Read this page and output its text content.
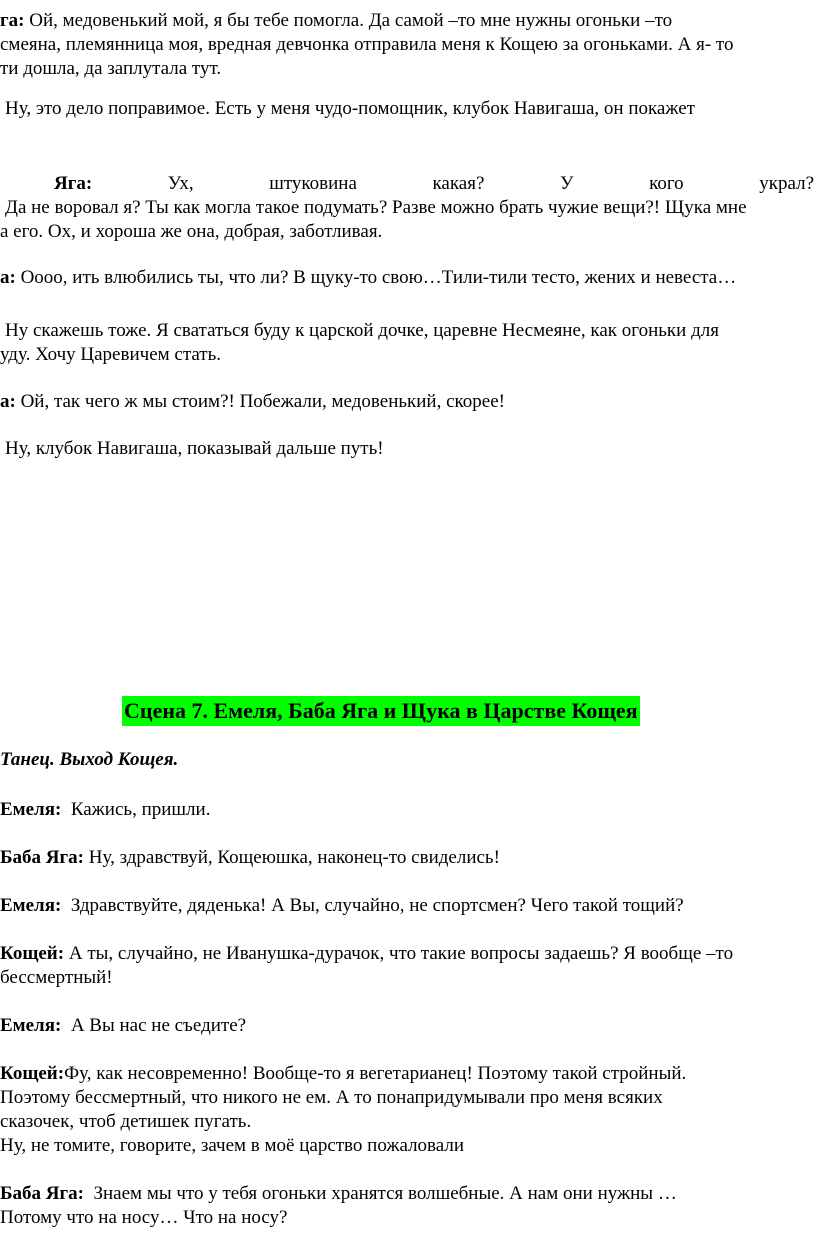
га: Ой, медовенький мой, я бы тебе помогла. Да самой –то мне нужны огоньки –то
смеяна, племянница моя, вредная девчонка отправила меня к Кощею за огоньками. А я- то
ти дошла, да заплутала тут.
Ну, это дело поправимое. Есть у меня чудо-помощник, клубок Навигаша, он покажет
Яга:	Ух, штуковина какая? У кого украл?
Да не воровал я? Ты как могла такое подумать? Разве можно брать чужие вещи?! Щука мне
а его. Ох, и хороша же она, добрая, заботливая.
а: Оооо, ить влюбились ты, что ли? В щуку-то свою…Тили-тили тесто, жених и невеста…
Ну скажешь тоже. Я свататься буду к царской дочке, царевне Несмеяне, как огоньки для
уду. Хочу Царевичем стать.
а: Ой, так чего ж мы стоим?! Побежали, медовенький, скорее!
Ну, клубок Навигаша, показывай дальше путь!
Сцена 7. Емеля, Баба Яга и Щука в Царстве Кощея
Танец. Выход Кощея.
Емеля: Кажись, пришли.
Баба Яга: Ну, здравствуй, Кощеюшка, наконец-то свиделись!
Емеля: Здравствуйте, дяденька! А Вы, случайно, не спортсмен? Чего такой тощий?
Кощей: А ты, случайно, не Иванушка-дурачок, что такие вопросы задаешь? Я вообще –то
бессмертный!
Емеля: А Вы нас не съедите?
Кощей:Фу, как несовременно! Вообще-то я вегетарианец! Поэтому такой стройный.
Поэтому бессмертный, что никого не ем. А то понапридумывали про меня всяких
сказочек, чтоб детишек пугать.
Ну, не томите, говорите, зачем в моё царство пожаловали
Баба Яга: Знаем мы что у тебя огоньки хранятся волшебные. А нам они нужны …
Потому что на носу… Что на носу?
